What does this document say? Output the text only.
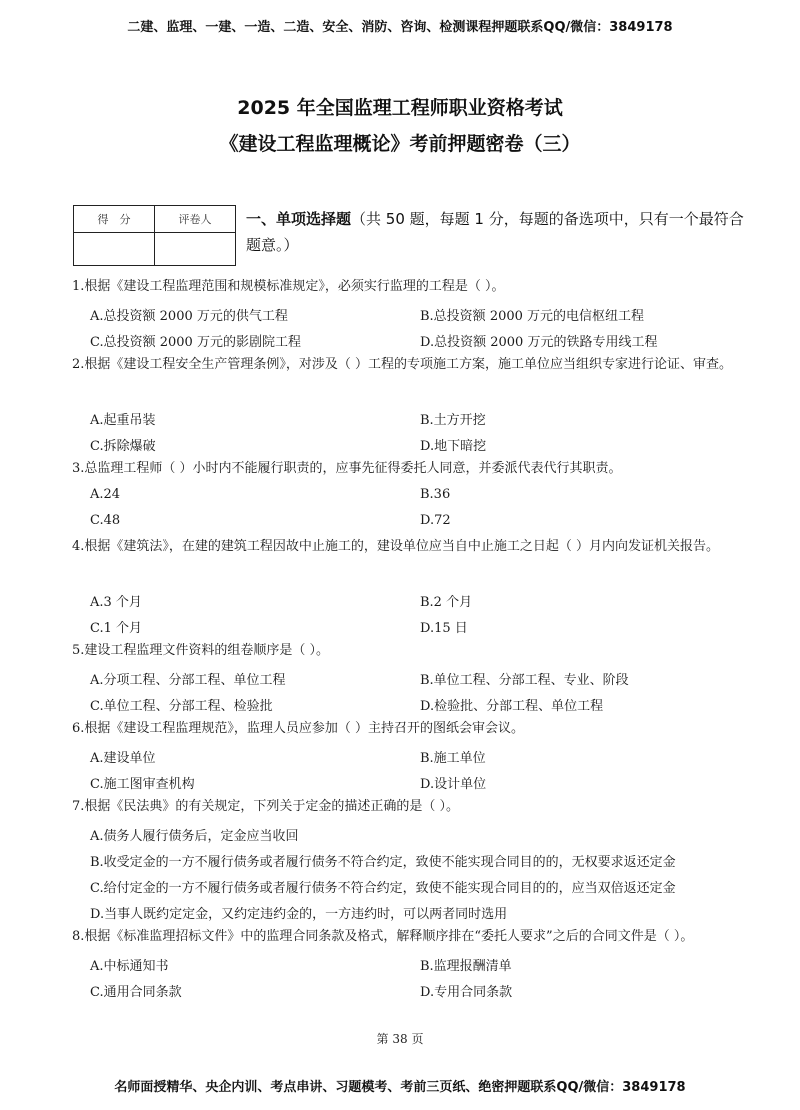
二建、监理、一建、一造、二造、安全、消防、咨询、检测课程押题联系QQ/微信：3849178
2025 年全国监理工程师职业资格考试
《建设工程监理概论》考前押题密卷（三）
得　分	评卷人
	一、单项选择题（共 50 题，每题 1 分，每题的备选项中，只有一个最符合题意。）

1.根据《建设工程监理范围和规模标准规定》，必须实行监理的工程是（ ）。

A.总投资额 2000 万元的供气工程	B.总投资额 2000 万元的电信枢纽工程
C.总投资额 2000 万元的影剧院工程	D.总投资额 2000 万元的铁路专用线工程

2.根据《建设工程安全生产管理条例》，对涉及（ ）工程的专项施工方案，施工单位应当组织专家进行论证、审查。

A.起重吊装	B.土方开挖
C.拆除爆破	D.地下暗挖

3.总监理工程师（ ）小时内不能履行职责的，应事先征得委托人同意，并委派代表代行其职责。

A.24	B.36
C.48	D.72

4.根据《建筑法》，在建的建筑工程因故中止施工的，建设单位应当自中止施工之日起（ ）月内向发证机关报告。

A.3 个月	B.2 个月
C.1 个月	D.15 日

5.建设工程监理文件资料的组卷顺序是（ ）。

A.分项工程、分部工程、单位工程	B.单位工程、分部工程、专业、阶段
C.单位工程、分部工程、检验批	D.检验批、分部工程、单位工程

6.根据《建设工程监理规范》，监理人员应参加（ ）主持召开的图纸会审会议。

A.建设单位	B.施工单位
C.施工图审查机构	D.设计单位

7.根据《民法典》的有关规定，下列关于定金的描述正确的是（ ）。

A.债务人履行债务后，定金应当收回
B.收受定金的一方不履行债务或者履行债务不符合约定，致使不能实现合同目的的，无权要求返还定金
C.给付定金的一方不履行债务或者履行债务不符合约定，致使不能实现合同目的的，应当双倍返还定金
D.当事人既约定定金，又约定违约金的，一方违约时，可以两者同时选用

8.根据《标准监理招标文件》中的监理合同条款及格式，解释顺序排在“委托人要求”之后的合同文件是（ ）。

A.中标通知书	B.监理报酬清单
C.通用合同条款	D.专用合同条款
第 38 页
名师面授精华、央企内训、考点串讲、习题模考、考前三页纸、绝密押题联系QQ/微信：3849178
